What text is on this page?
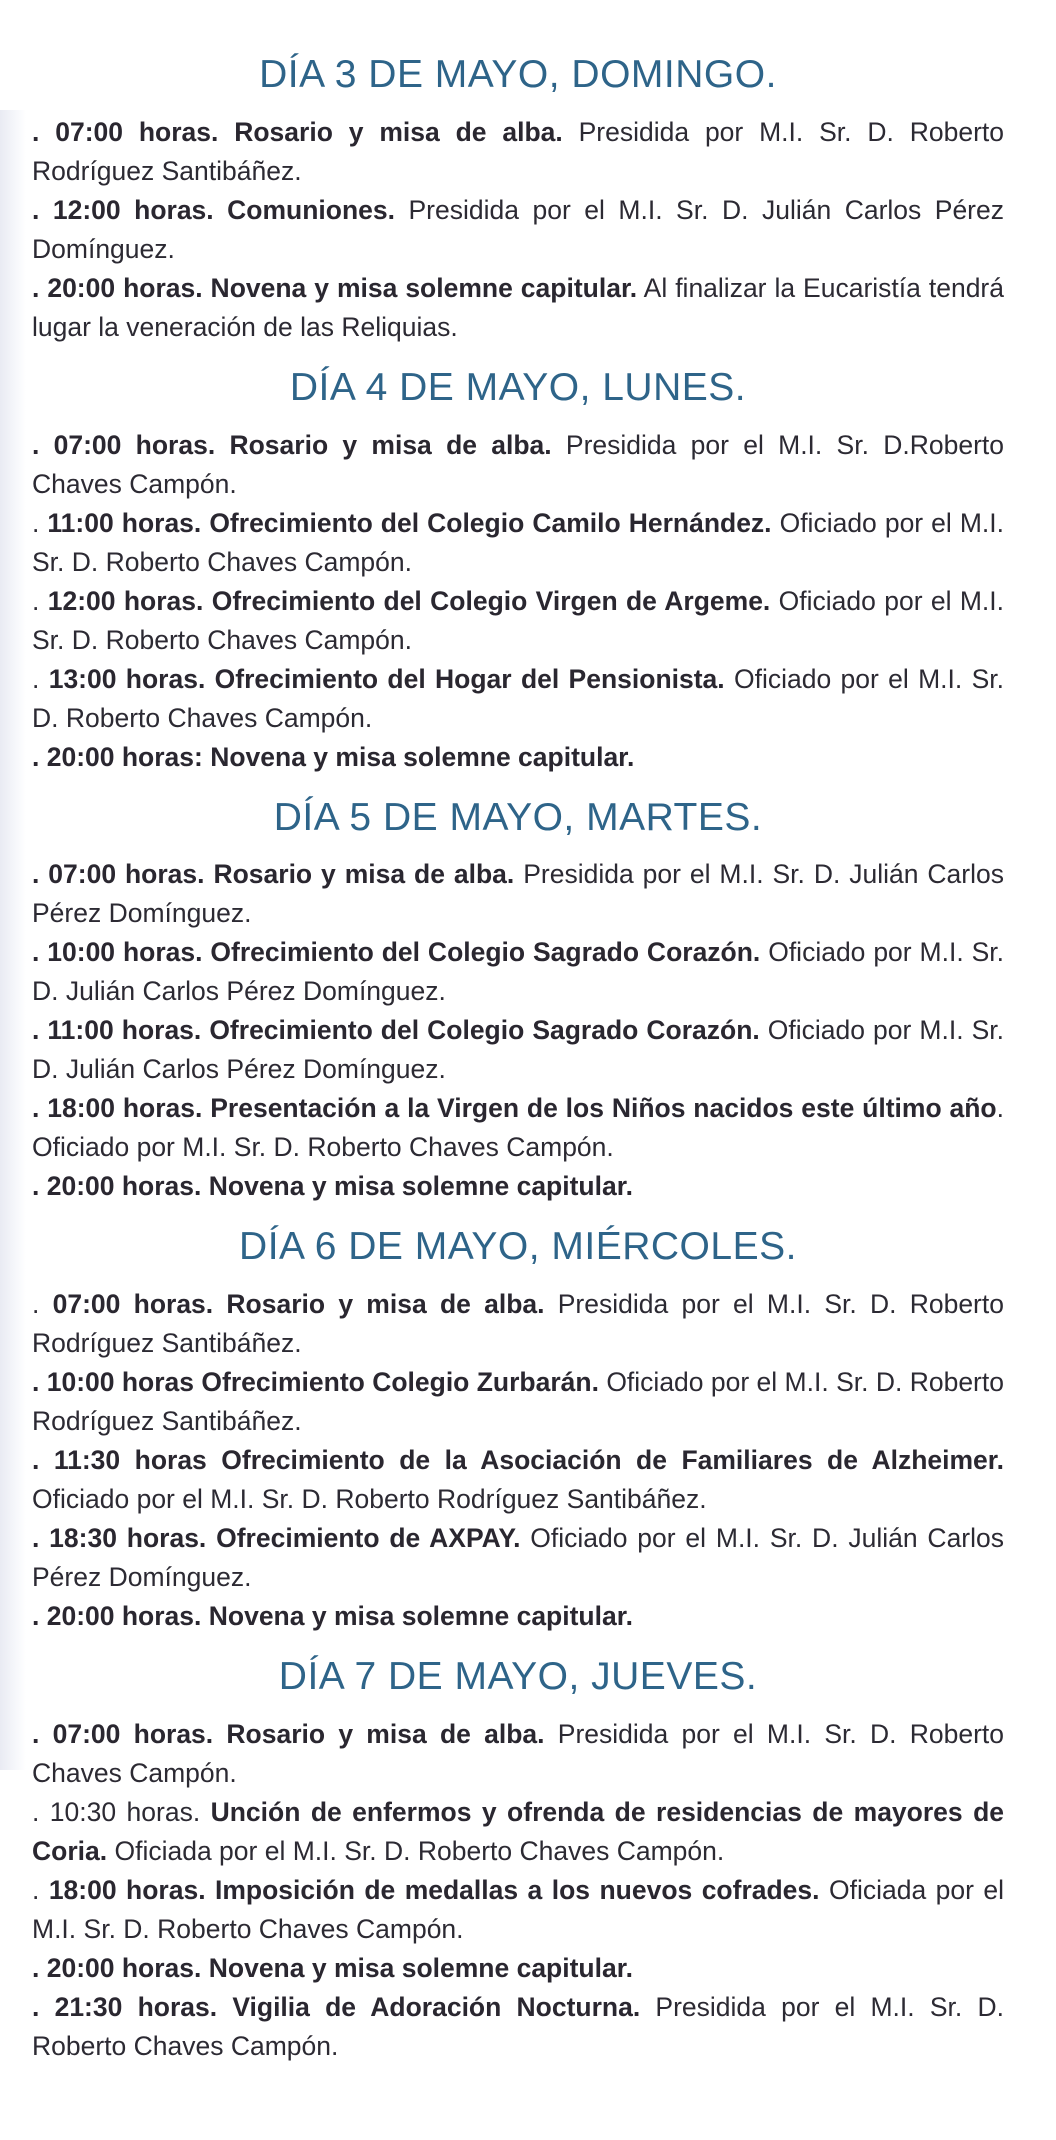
DÍA 3 DE MAYO, DOMINGO.

. 07:00 horas. Rosario y misa de alba. Presidida por M.I. Sr. D. Roberto Rodríguez Santibáñez.

. 12:00 horas. Comuniones. Presidida por el M.I. Sr. D. Julián Carlos Pérez Domínguez.

. 20:00 horas. Novena y misa solemne capitular. Al finalizar la Eucaristía tendrá lugar la veneración de las Reliquias.

DÍA 4 DE MAYO, LUNES.

. 07:00 horas. Rosario y misa de alba. Presidida por el M.I. Sr. D.Roberto Chaves Campón.

. 11:00 horas. Ofrecimiento del Colegio Camilo Hernández. Oficiado por el M.I. Sr. D. Roberto Chaves Campón.

. 12:00 horas. Ofrecimiento del Colegio Virgen de Argeme. Oficiado por el M.I. Sr. D. Roberto Chaves Campón.

. 13:00 horas. Ofrecimiento del Hogar del Pensionista. Oficiado por el M.I. Sr. D. Roberto Chaves Campón.

. 20:00 horas: Novena y misa solemne capitular.

DÍA 5 DE MAYO, MARTES.

. 07:00 horas. Rosario y misa de alba. Presidida por el M.I. Sr. D. Julián Carlos Pérez Domínguez.

. 10:00 horas. Ofrecimiento del Colegio Sagrado Corazón. Oficiado por M.I. Sr. D. Julián Carlos Pérez Domínguez.

. 11:00 horas. Ofrecimiento del Colegio Sagrado Corazón. Oficiado por M.I. Sr. D. Julián Carlos Pérez Domínguez.

. 18:00 horas. Presentación a la Virgen de los Niños nacidos este último año. Oficiado por M.I. Sr. D. Roberto Chaves Campón.

. 20:00 horas. Novena y misa solemne capitular.

DÍA 6 DE MAYO, MIÉRCOLES.

. 07:00 horas. Rosario y misa de alba. Presidida por el M.I. Sr. D. Roberto Rodríguez Santibáñez.

. 10:00 horas Ofrecimiento Colegio Zurbarán. Oficiado por el M.I. Sr. D. Roberto Rodríguez Santibáñez.

. 11:30 horas Ofrecimiento de la Asociación de Familiares de Alzheimer. Oficiado por el M.I. Sr. D. Roberto Rodríguez Santibáñez.

. 18:30 horas. Ofrecimiento de AXPAY. Oficiado por el M.I. Sr. D. Julián Carlos Pérez Domínguez.

. 20:00 horas. Novena y misa solemne capitular.

DÍA 7 DE MAYO, JUEVES.

. 07:00 horas. Rosario y misa de alba. Presidida por el M.I. Sr. D. Roberto Chaves Campón.

. 10:30 horas. Unción de enfermos y ofrenda de residencias de mayores de Coria. Oficiada por el M.I. Sr. D. Roberto Chaves Campón.

. 18:00 horas. Imposición de medallas a los nuevos cofrades. Oficiada por el M.I. Sr. D. Roberto Chaves Campón.

. 20:00 horas. Novena y misa solemne capitular.

. 21:30 horas. Vigilia de Adoración Nocturna. Presidida por el M.I. Sr. D. Roberto Chaves Campón.
